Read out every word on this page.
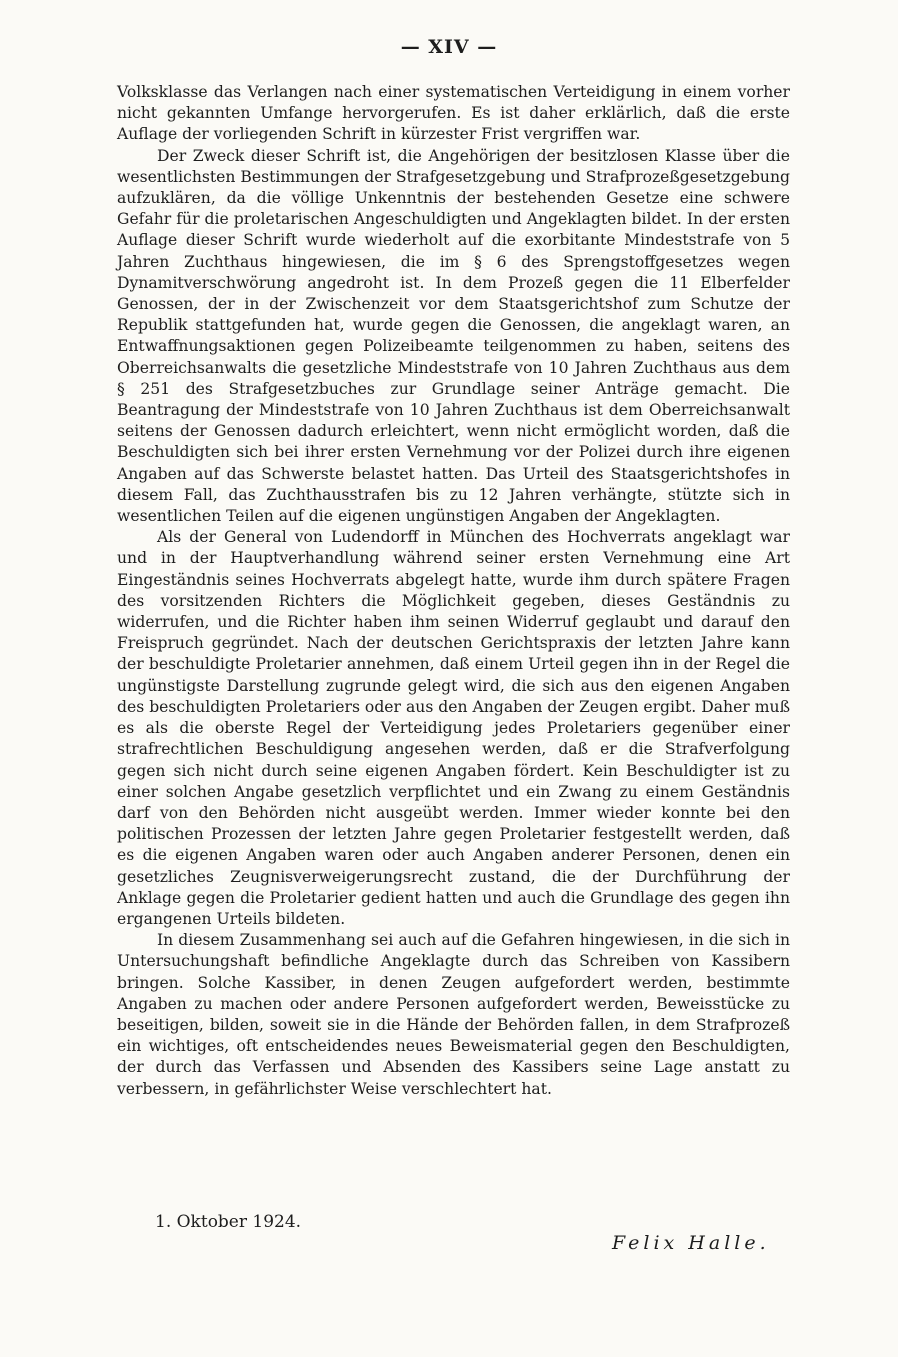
— XIV —

Volksklasse das Verlangen nach einer systematischen Verteidigung in einem vorher nicht gekannten Umfange hervorgerufen. Es ist daher erklärlich, daß die erste Auflage der vorliegenden Schrift in kürzester Frist vergriffen war.

Der Zweck dieser Schrift ist, die Angehörigen der besitzlosen Klasse über die wesentlichsten Bestimmungen der Strafgesetzgebung und Strafprozeßgesetzgebung aufzuklären, da die völlige Unkenntnis der bestehenden Gesetze eine schwere Gefahr für die proletarischen Angeschuldigten und Angeklagten bildet. In der ersten Auflage dieser Schrift wurde wiederholt auf die exorbitante Mindeststrafe von 5 Jahren Zuchthaus hingewiesen, die im § 6 des Sprengstoffgesetzes wegen Dynamitverschwörung angedroht ist. In dem Prozeß gegen die 11 Elberfelder Genossen, der in der Zwischenzeit vor dem Staatsgerichtshof zum Schutze der Republik stattgefunden hat, wurde gegen die Genossen, die angeklagt waren, an Entwaffnungsaktionen gegen Polizeibeamte teilgenommen zu haben, seitens des Oberreichsanwalts die gesetzliche Mindeststrafe von 10 Jahren Zuchthaus aus dem § 251 des Strafgesetzbuches zur Grundlage seiner Anträge gemacht. Die Beantragung der Mindeststrafe von 10 Jahren Zuchthaus ist dem Oberreichsanwalt seitens der Genossen dadurch erleichtert, wenn nicht ermöglicht worden, daß die Beschuldigten sich bei ihrer ersten Vernehmung vor der Polizei durch ihre eigenen Angaben auf das Schwerste belastet hatten. Das Urteil des Staatsgerichtshofes in diesem Fall, das Zuchthausstrafen bis zu 12 Jahren verhängte, stützte sich in wesentlichen Teilen auf die eigenen ungünstigen Angaben der Angeklagten.

Als der General von Ludendorff in München des Hochverrats angeklagt war und in der Hauptverhandlung während seiner ersten Vernehmung eine Art Eingeständnis seines Hochverrats abgelegt hatte, wurde ihm durch spätere Fragen des vorsitzenden Richters die Möglichkeit gegeben, dieses Geständnis zu widerrufen, und die Richter haben ihm seinen Widerruf geglaubt und darauf den Freispruch gegründet. Nach der deutschen Gerichtspraxis der letzten Jahre kann der beschuldigte Proletarier annehmen, daß einem Urteil gegen ihn in der Regel die ungünstigste Darstellung zugrunde gelegt wird, die sich aus den eigenen Angaben des beschuldigten Proletariers oder aus den Angaben der Zeugen ergibt. Daher muß es als die oberste Regel der Verteidigung jedes Proletariers gegenüber einer strafrechtlichen Beschuldigung angesehen werden, daß er die Strafverfolgung gegen sich nicht durch seine eigenen Angaben fördert. Kein Beschuldigter ist zu einer solchen Angabe gesetzlich verpflichtet und ein Zwang zu einem Geständnis darf von den Behörden nicht ausgeübt werden. Immer wieder konnte bei den politischen Prozessen der letzten Jahre gegen Proletarier festgestellt werden, daß es die eigenen Angaben waren oder auch Angaben anderer Personen, denen ein gesetzliches Zeugnisverweigerungsrecht zustand, die der Durchführung der Anklage gegen die Proletarier gedient hatten und auch die Grundlage des gegen ihn ergangenen Urteils bildeten.

In diesem Zusammenhang sei auch auf die Gefahren hingewiesen, in die sich in Untersuchungshaft befindliche Angeklagte durch das Schreiben von Kassibern bringen. Solche Kassiber, in denen Zeugen aufgefordert werden, bestimmte Angaben zu machen oder andere Personen aufgefordert werden, Beweisstücke zu beseitigen, bilden, soweit sie in die Hände der Behörden fallen, in dem Strafprozeß ein wichtiges, oft entscheidendes neues Beweismaterial gegen den Beschuldigten, der durch das Verfassen und Absenden des Kassibers seine Lage anstatt zu verbessern, in gefährlichster Weise verschlechtert hat.

1. Oktober 1924.
Felix Halle.
